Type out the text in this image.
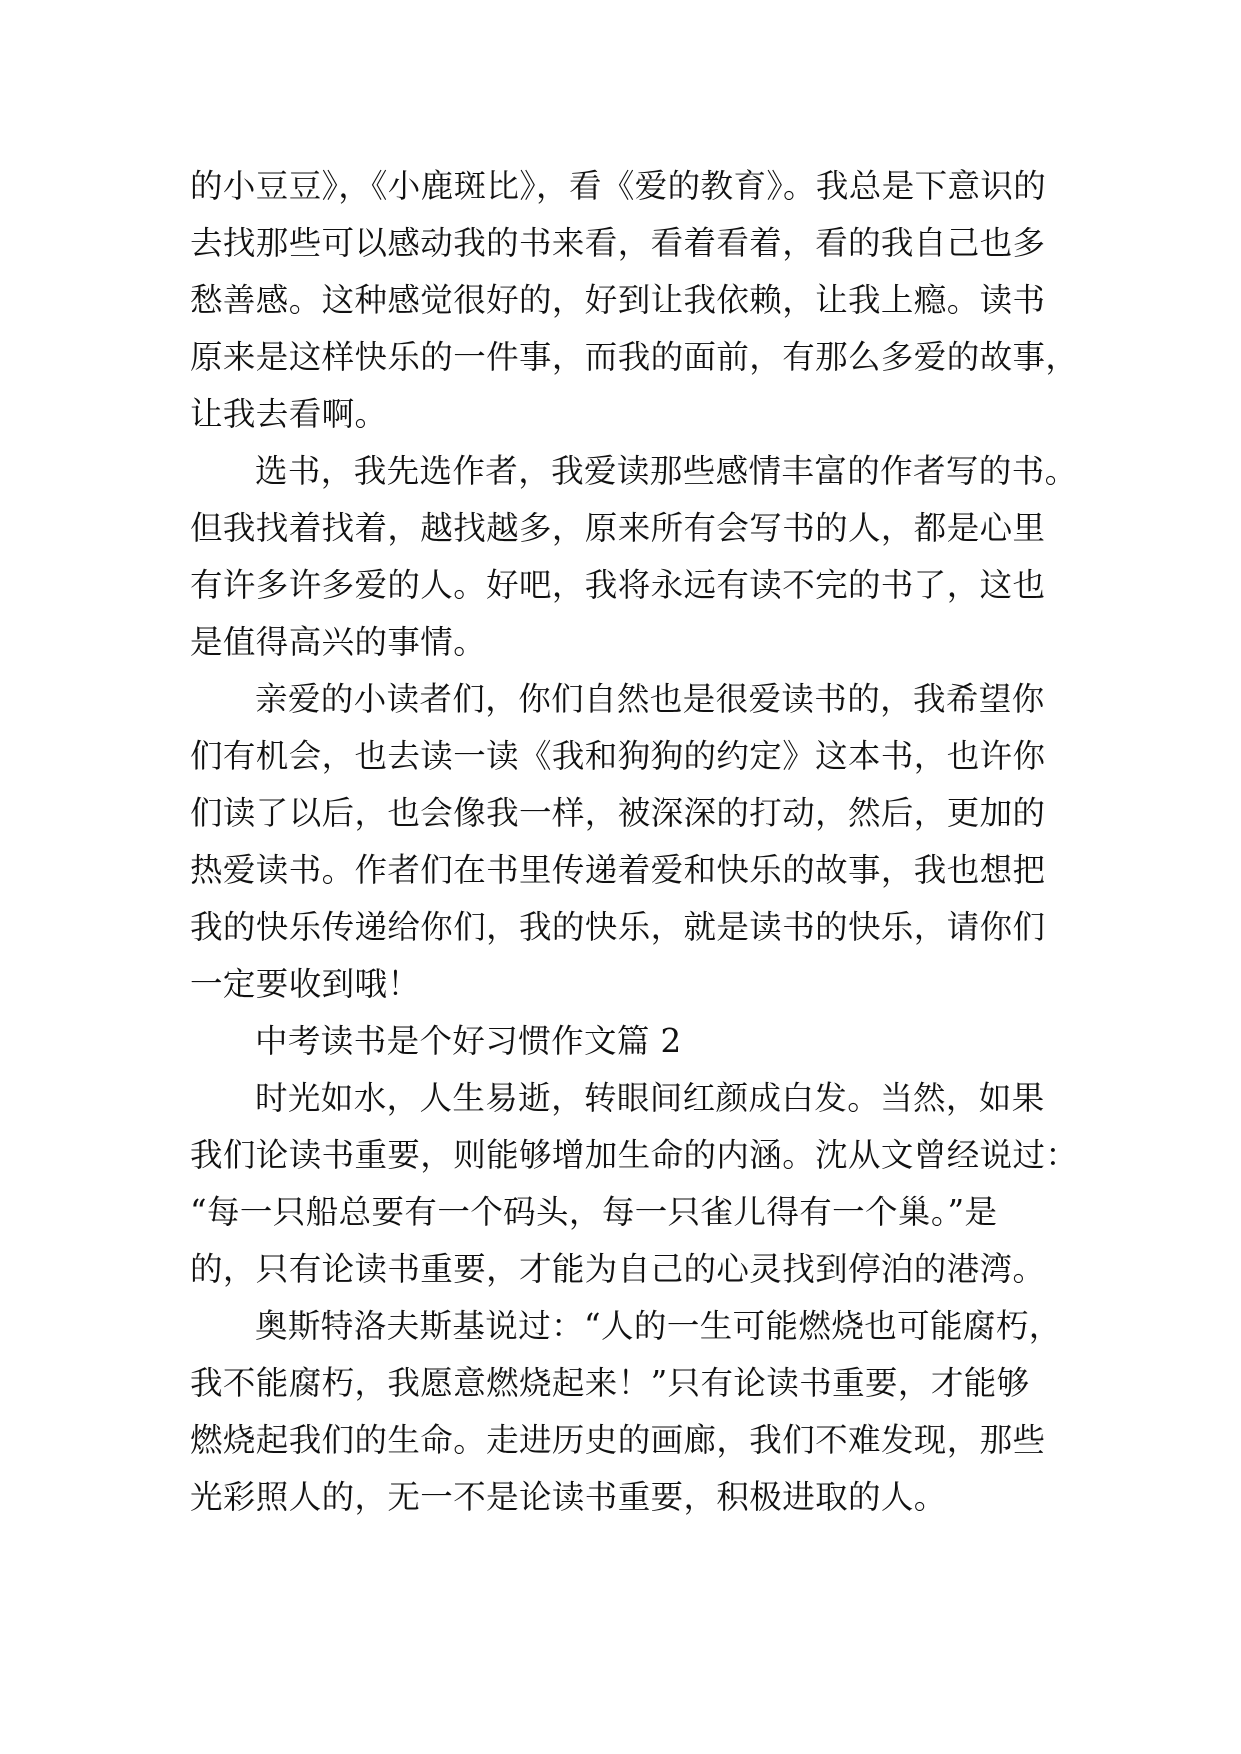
的小豆豆》，《小鹿斑比》，看《爱的教育》。我总是下意识的
去找那些可以感动我的书来看，看着看着，看的我自己也多
愁善感。这种感觉很好的，好到让我依赖，让我上瘾。读书
原来是这样快乐的一件事，而我的面前，有那么多爱的故事，
让我去看啊。
选书，我先选作者，我爱读那些感情丰富的作者写的书。
但我找着找着，越找越多，原来所有会写书的人，都是心里
有许多许多爱的人。好吧，我将永远有读不完的书了，这也
是值得高兴的事情。
亲爱的小读者们，你们自然也是很爱读书的，我希望你
们有机会，也去读一读《我和狗狗的约定》这本书，也许你
们读了以后，也会像我一样，被深深的打动，然后，更加的
热爱读书。作者们在书里传递着爱和快乐的故事，我也想把
我的快乐传递给你们，我的快乐，就是读书的快乐，请你们
一定要收到哦！
中考读书是个好习惯作文篇 2
时光如水，人生易逝，转眼间红颜成白发。当然，如果
我们论读书重要，则能够增加生命的内涵。沈从文曾经说过：
“每一只船总要有一个码头，每一只雀儿得有一个巢。”是
的，只有论读书重要，才能为自己的心灵找到停泊的港湾。
奥斯特洛夫斯基说过：“人的一生可能燃烧也可能腐朽，
我不能腐朽，我愿意燃烧起来！”只有论读书重要，才能够
燃烧起我们的生命。走进历史的画廊，我们不难发现，那些
光彩照人的，无一不是论读书重要，积极进取的人。
